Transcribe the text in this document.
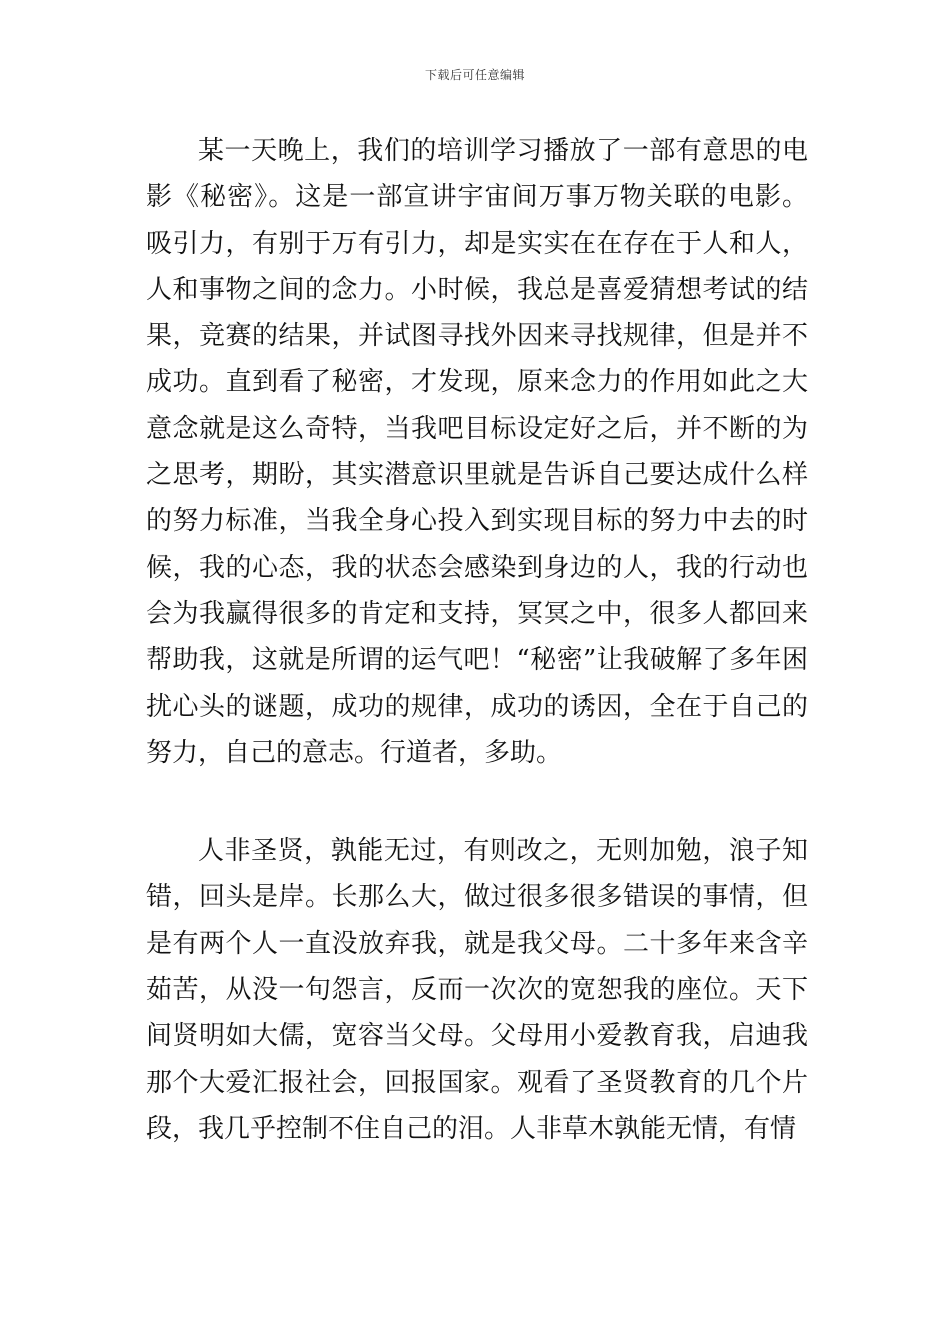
下载后可任意编辑

某一天晚上，我们的培训学习播放了一部有意思的电影《秘密》。这是一部宣讲宇宙间万事万物关联的电影。吸引力，有别于万有引力，却是实实在在存在于人和人，人和事物之间的念力。小时候，我总是喜爱猜想考试的结果，竞赛的结果，并试图寻找外因来寻找规律，但是并不成功。直到看了秘密，才发现，原来念力的作用如此之大意念就是这么奇特，当我吧目标设定好之后，并不断的为之思考，期盼，其实潜意识里就是告诉自己要达成什么样的努力标准，当我全身心投入到实现目标的努力中去的时候，我的心态，我的状态会感染到身边的人，我的行动也会为我赢得很多的肯定和支持，冥冥之中，很多人都回来帮助我，这就是所谓的运气吧！“秘密”让我破解了多年困扰心头的谜题，成功的规律，成功的诱因，全在于自己的努力，自己的意志。行道者，多助。

人非圣贤，孰能无过，有则改之，无则加勉，浪子知错，回头是岸。长那么大，做过很多很多错误的事情，但是有两个人一直没放弃我，就是我父母。二十多年来含辛茹苦，从没一句怨言，反而一次次的宽恕我的座位。天下间贤明如大儒，宽容当父母。父母用小爱教育我，启迪我那个大爱汇报社会，回报国家。观看了圣贤教育的几个片段，我几乎控制不住自己的泪。人非草木孰能无情，有情
